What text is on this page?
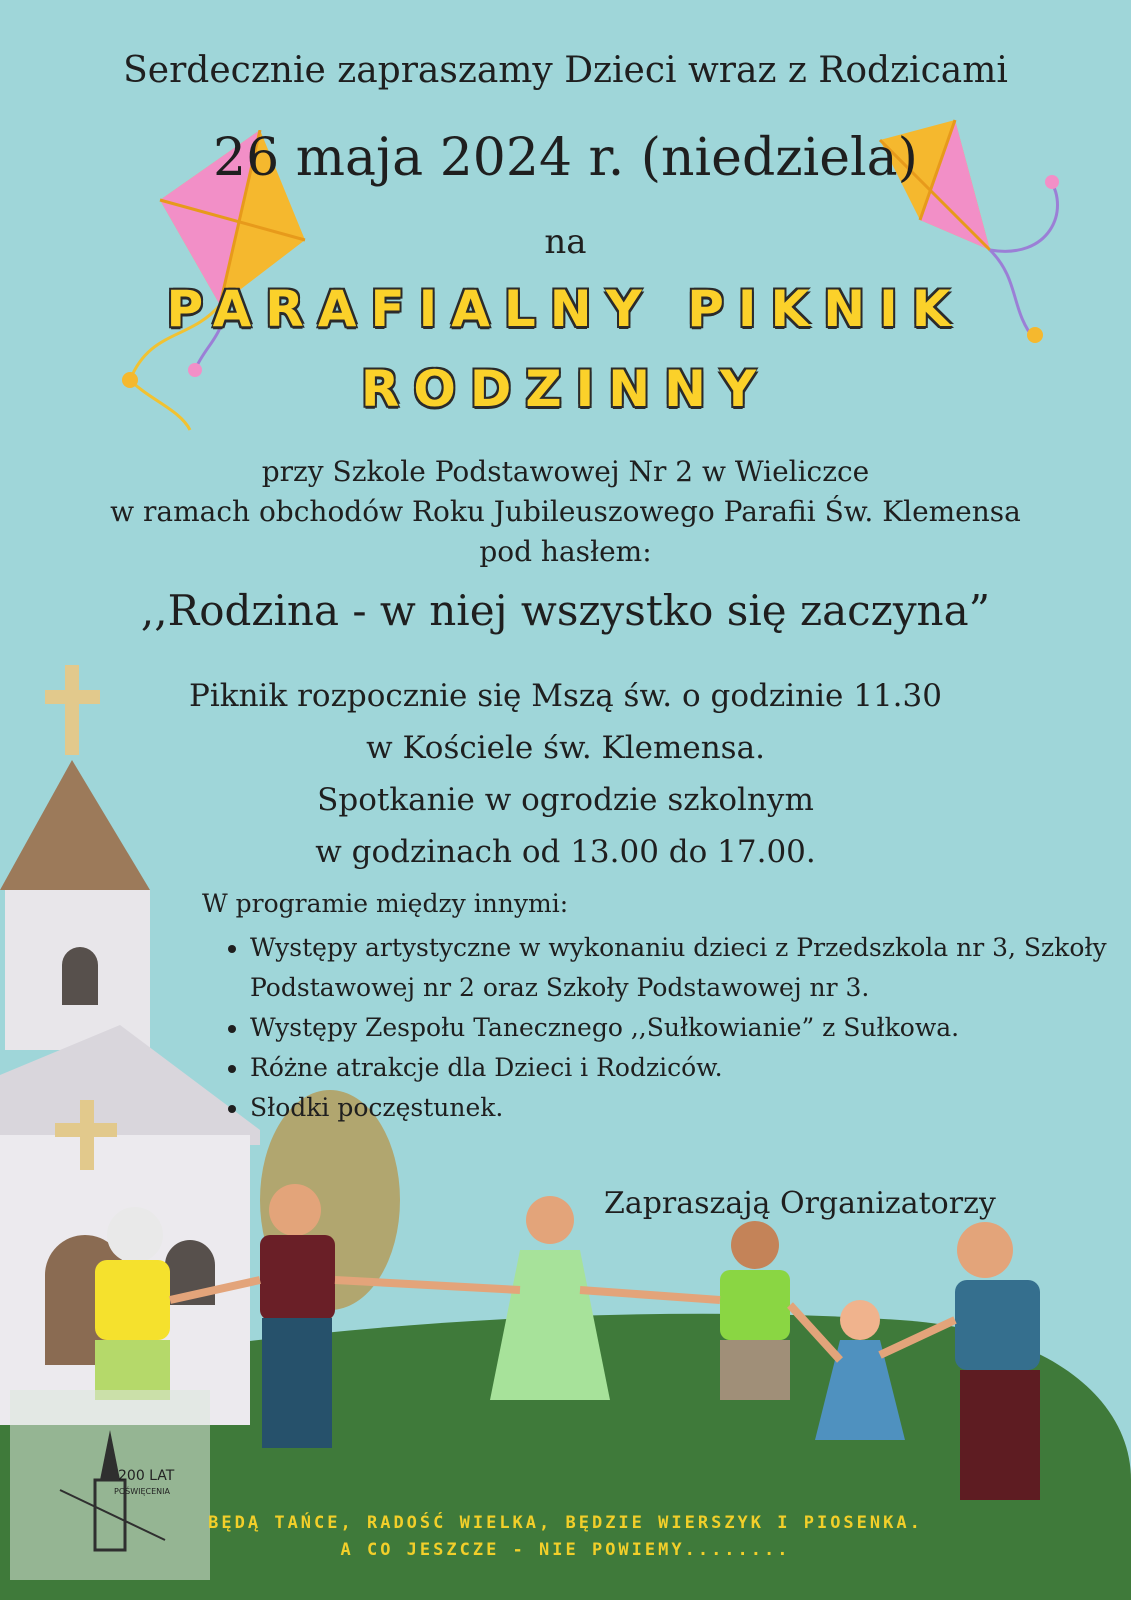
200 LAT
POŚWIĘCENIA
Serdecznie zapraszamy Dzieci wraz z Rodzicami
26 maja 2024 r. (niedziela)
na
PARAFIALNY PIKNIK
RODZINNY
przy Szkole Podstawowej Nr 2 w Wieliczce
w ramach obchodów Roku Jubileuszowego Parafii Św. Klemensa
pod hasłem:
,,Rodzina - w niej wszystko się zaczyna”
Piknik rozpocznie się Mszą św. o godzinie 11.30
w Kościele św. Klemensa.
Spotkanie w ogrodzie szkolnym
w godzinach od 13.00 do 17.00.
W programie między innymi:
• Występy artystyczne w wykonaniu dzieci z Przedszkola nr 3, Szkoły Podstawowej nr 2 oraz Szkoły Podstawowej nr 3.
• Występy Zespołu Tanecznego ,,Sułkowianie” z Sułkowa.
• Różne atrakcje dla Dzieci i Rodziców.
• Słodki poczęstunek.
Zapraszają Organizatorzy
BĘDĄ TAŃCE, RADOŚĆ WIELKA, BĘDZIE WIERSZYK I PIOSENKA.
A CO JESZCZE - NIE POWIEMY........
